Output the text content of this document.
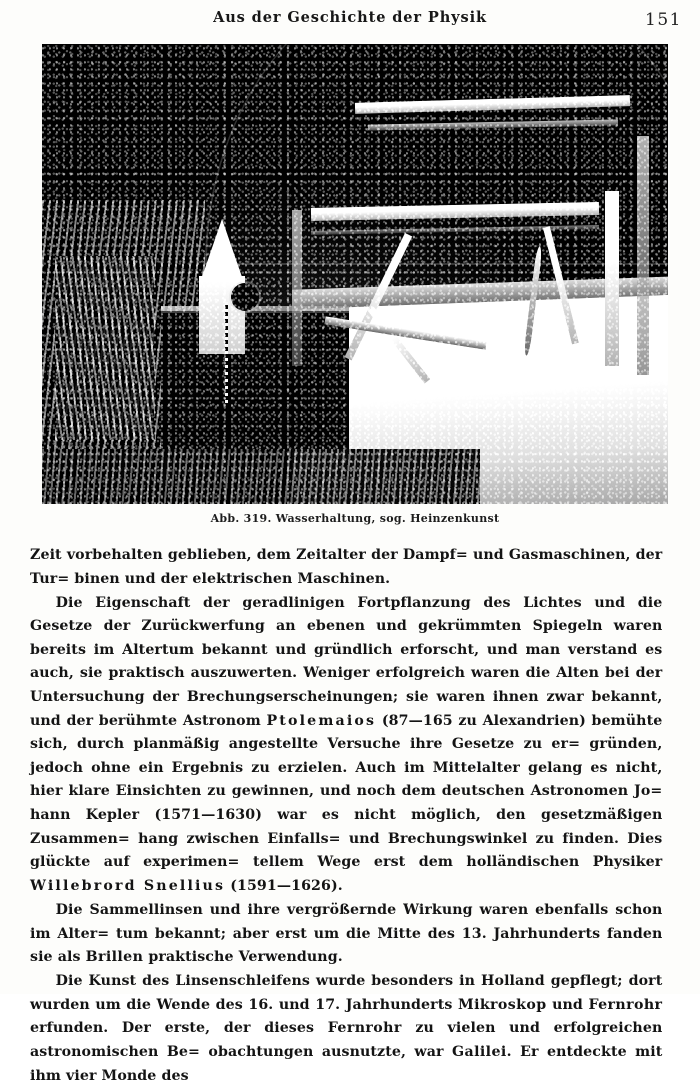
Aus der Geschichte der Physik	151
Abb. 319. Wasserhaltung, sog. Heinzenkunst

Zeit vorbehalten geblieben, dem Zeitalter der Dampf= und Gasmaschinen, der Tur= binen und der elektrischen Maschinen.

Die Eigenschaft der geradlinigen Fortpflanzung des Lichtes und die Gesetze der Zurückwerfung an ebenen und gekrümmten Spiegeln waren bereits im Altertum bekannt und gründlich erforscht, und man verstand es auch, sie praktisch auszuwerten. Weniger erfolgreich waren die Alten bei der Untersuchung der Brechungserscheinungen; sie waren ihnen zwar bekannt, und der berühmte Astronom Ptolemaios (87—165 zu Alexandrien) bemühte sich, durch planmäßig angestellte Versuche ihre Gesetze zu er= gründen, jedoch ohne ein Ergebnis zu erzielen. Auch im Mittelalter gelang es nicht, hier klare Einsichten zu gewinnen, und noch dem deutschen Astronomen Jo= hann Kepler (1571—1630) war es nicht möglich, den gesetzmäßigen Zusammen= hang zwischen Einfalls= und Brechungswinkel zu finden. Dies glückte auf experimen= tellem Wege erst dem holländischen Physiker Willebrord Snellius (1591—1626).

Die Sammellinsen und ihre vergrößernde Wirkung waren ebenfalls schon im Alter= tum bekannt; aber erst um die Mitte des 13. Jahrhunderts fanden sie als Brillen praktische Verwendung.

Die Kunst des Linsenschleifens wurde besonders in Holland gepflegt; dort wurden um die Wende des 16. und 17. Jahrhunderts Mikroskop und Fernrohr erfunden. Der erste, der dieses Fernrohr zu vielen und erfolgreichen astronomischen Be= obachtungen ausnutzte, war Galilei. Er entdeckte mit ihm vier Monde des
